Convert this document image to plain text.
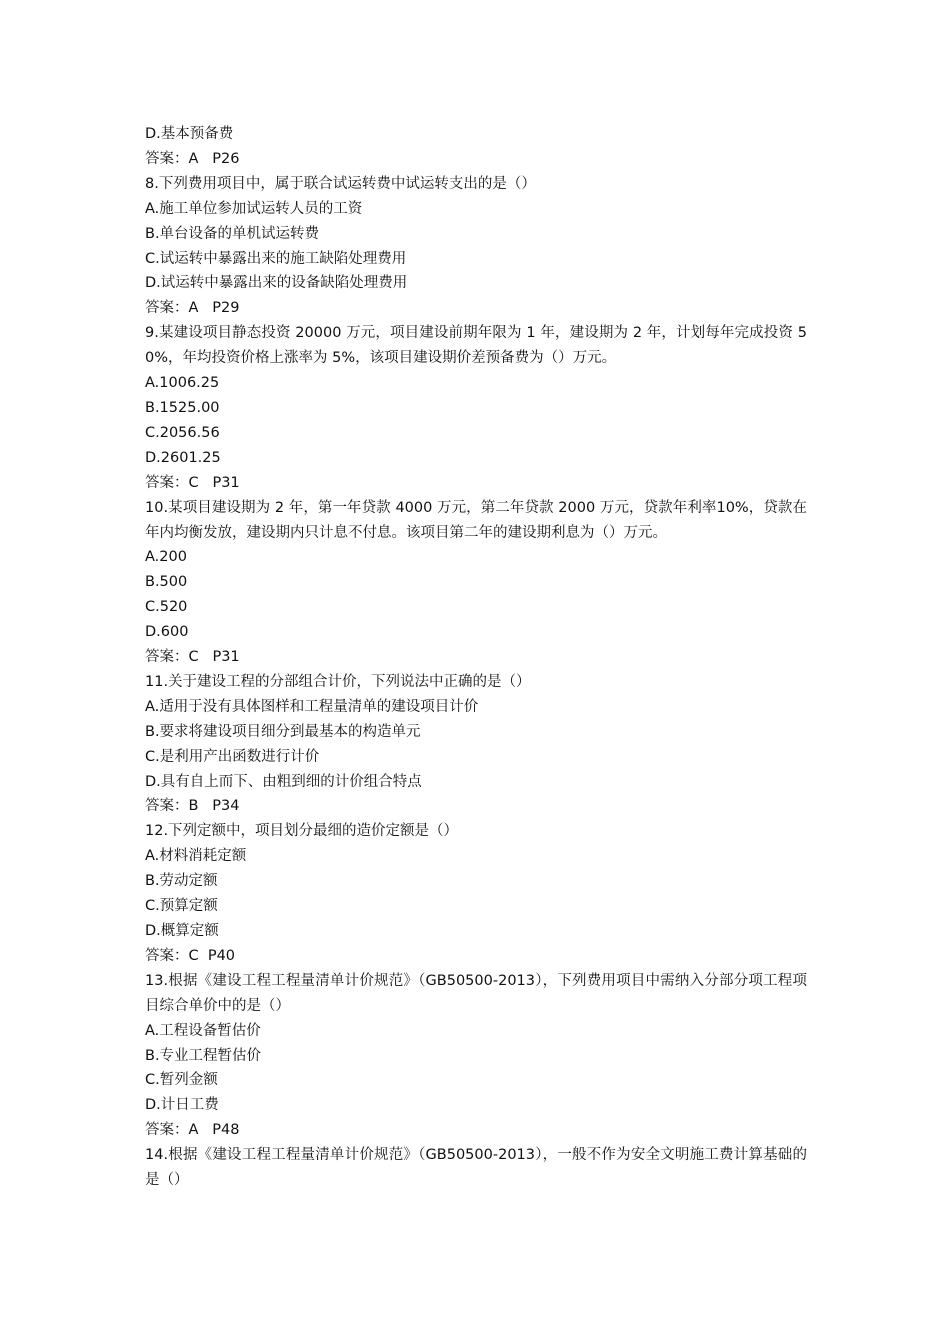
D.基本预备费
答案：A   P26
8.下列费用项目中，属于联合试运转费中试运转支出的是（）
A.施工单位参加试运转人员的工资
B.单台设备的单机试运转费
C.试运转中暴露出来的施工缺陷处理费用
D.试运转中暴露出来的设备缺陷处理费用
答案：A   P29
9.某建设项目静态投资 20000 万元，项目建设前期年限为 1 年，建设期为 2 年，计划每年完成投资 50%，年均投资价格上涨率为 5%，该项目建设期价差预备费为（）万元。
A.1006.25
B.1525.00
C.2056.56
D.2601.25
答案：C   P31
10.某项目建设期为 2 年，第一年贷款 4000 万元，第二年贷款 2000 万元，贷款年利率10%，贷款在年内均衡发放，建设期内只计息不付息。该项目第二年的建设期利息为（）万元。
A.200
B.500
C.520
D.600
答案：C   P31
11.关于建设工程的分部组合计价，下列说法中正确的是（）
A.适用于没有具体图样和工程量清单的建设项目计价
B.要求将建设项目细分到最基本的构造单元
C.是利用产出函数进行计价
D.具有自上而下、由粗到细的计价组合特点
答案：B   P34
12.下列定额中，项目划分最细的造价定额是（）
A.材料消耗定额
B.劳动定额
C.预算定额
D.概算定额
答案：C  P40
13.根据《建设工程工程量清单计价规范》（GB50500-2013），下列费用项目中需纳入分部分项工程项目综合单价中的是（）
A.工程设备暂估价
B.专业工程暂估价
C.暂列金额
D.计日工费
答案：A   P48
14.根据《建设工程工程量清单计价规范》（GB50500-2013），一般不作为安全文明施工费计算基础的是（）
